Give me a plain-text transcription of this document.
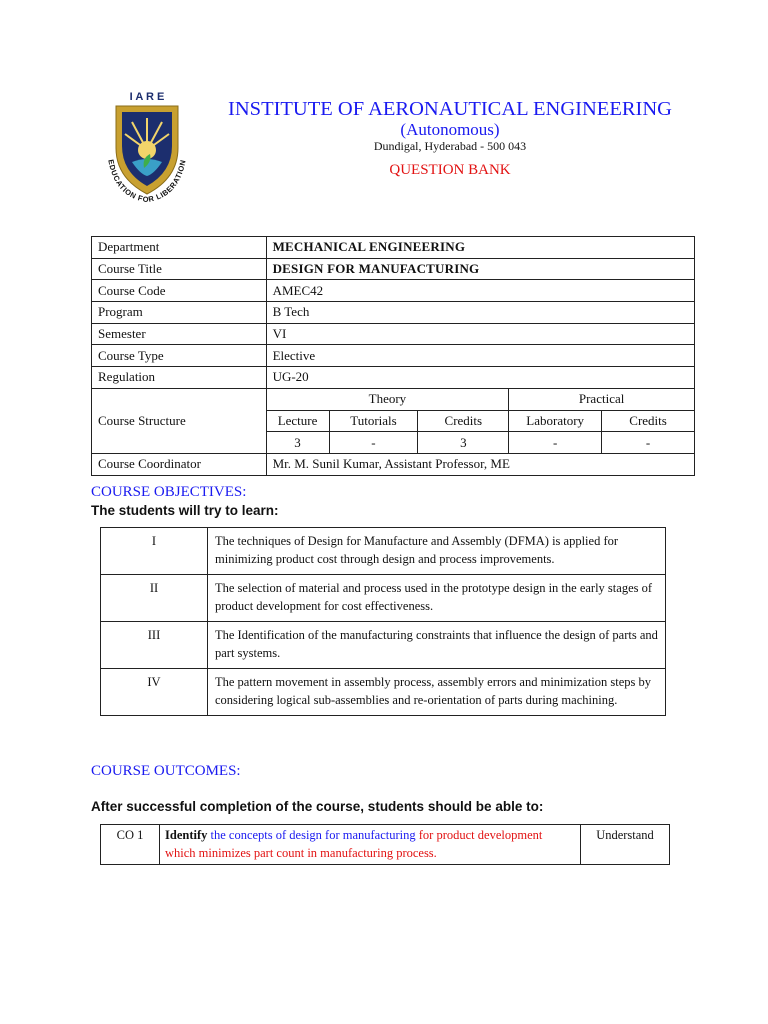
I A R E
EDUCATION FOR LIBERATION
INSTITUTE OF AERONAUTICAL ENGINEERING
(Autonomous)
Dundigal, Hyderabad - 500 043
QUESTION BANK
Department	MECHANICAL ENGINEERING				
Course Title	DESIGN FOR MANUFACTURING				
Course Code	AMEC42				
Program	B Tech				
Semester	VI				
Course Type	Elective				
Regulation	UG-20				
Course Structure	Theory			Practical	
	Lecture	Tutorials	Credits	Laboratory	Credits
	3	-	3	-	-
Course Coordinator	Mr. M. Sunil Kumar, Assistant Professor, ME				
COURSE OBJECTIVES:
The students will try to learn:
I	The techniques of Design for Manufacture and Assembly (DFMA) is applied for minimizing product cost through design and process improvements.
II	The selection of material and process used in the prototype design in the early stages of product development for cost effectiveness.
III	The Identification of the manufacturing constraints that influence the design of parts and part systems.
IV	The pattern movement in assembly process, assembly errors and minimization steps by considering logical sub-assemblies and re-orientation of parts during machining.
COURSE OUTCOMES:
After successful completion of the course, students should be able to:
CO 1	Identify the concepts of design for manufacturing for product development which minimizes part count in manufacturing process.	Understand
